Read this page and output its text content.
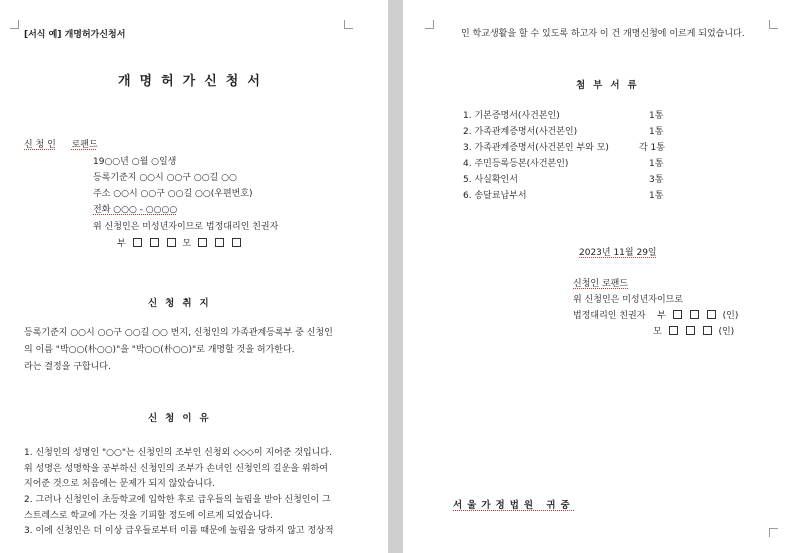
[서식 예] 개명허가신청서
개명허가신청서
신 청 인 로팬드
19○○년 ○월 ○일생
등록기준지 ○○시 ○○구 ○○길 ○○
주소 ○○시 ○○구 ○○길 ○○(우편번호)
전화 ○○○ - ○○○○
위 신청인은 미성년자이므로 법정대리인 친권자
부	모
신청취지
등록기준지 ○○시 ○○구 ○○길 ○○ 번지, 신청인의 가족관계등록부 중 신청인
의 이름 "박○○(朴○○)"을 "박○○(朴○○)"로 개명할 것을 허가한다.
라는 결정을 구합니다.
신청이유
1. 신청인의 성명인 "○○"는 신청인의 조부인 신청외 ◇◇◇이 지어준 것입니다.
위 성명은 성명학을 공부하신 신청인의 조부가 손녀인 신청인의 길운을 위하여
지어준 것으로 처음에는 문제가 되지 않았습니다.
2. 그러나 신청인이 초등학교에 입학한 후로 급우들의 놀림을 받아 신청인이 그
스트레스로 학교에 가는 것을 기피할 정도에 이르게 되었습니다.
3. 이에 신청인은 더 이상 급우들로부터 이름 때문에 놀림을 당하지 않고 정상적
인 학교생활을 할 수 있도록 하고자 이 건 개명신청에 이르게 되었습니다.
첨부서류
1. 기본증명서(사건본인)	1통
2. 가족관계증명서(사건본인)	1통
3. 가족관계증명서(사건본인 부와 모)	각 1통
4. 주민등록등본(사건본인)	1통
5. 사실확인서	3통
6. 송달료납부서	1통
2023년 11월 29일
신청인 로팬드
위 신청인은 미성년자이므로
법정대리인 친권자 부	(인)
모	(인)
서울가정법원 귀중
